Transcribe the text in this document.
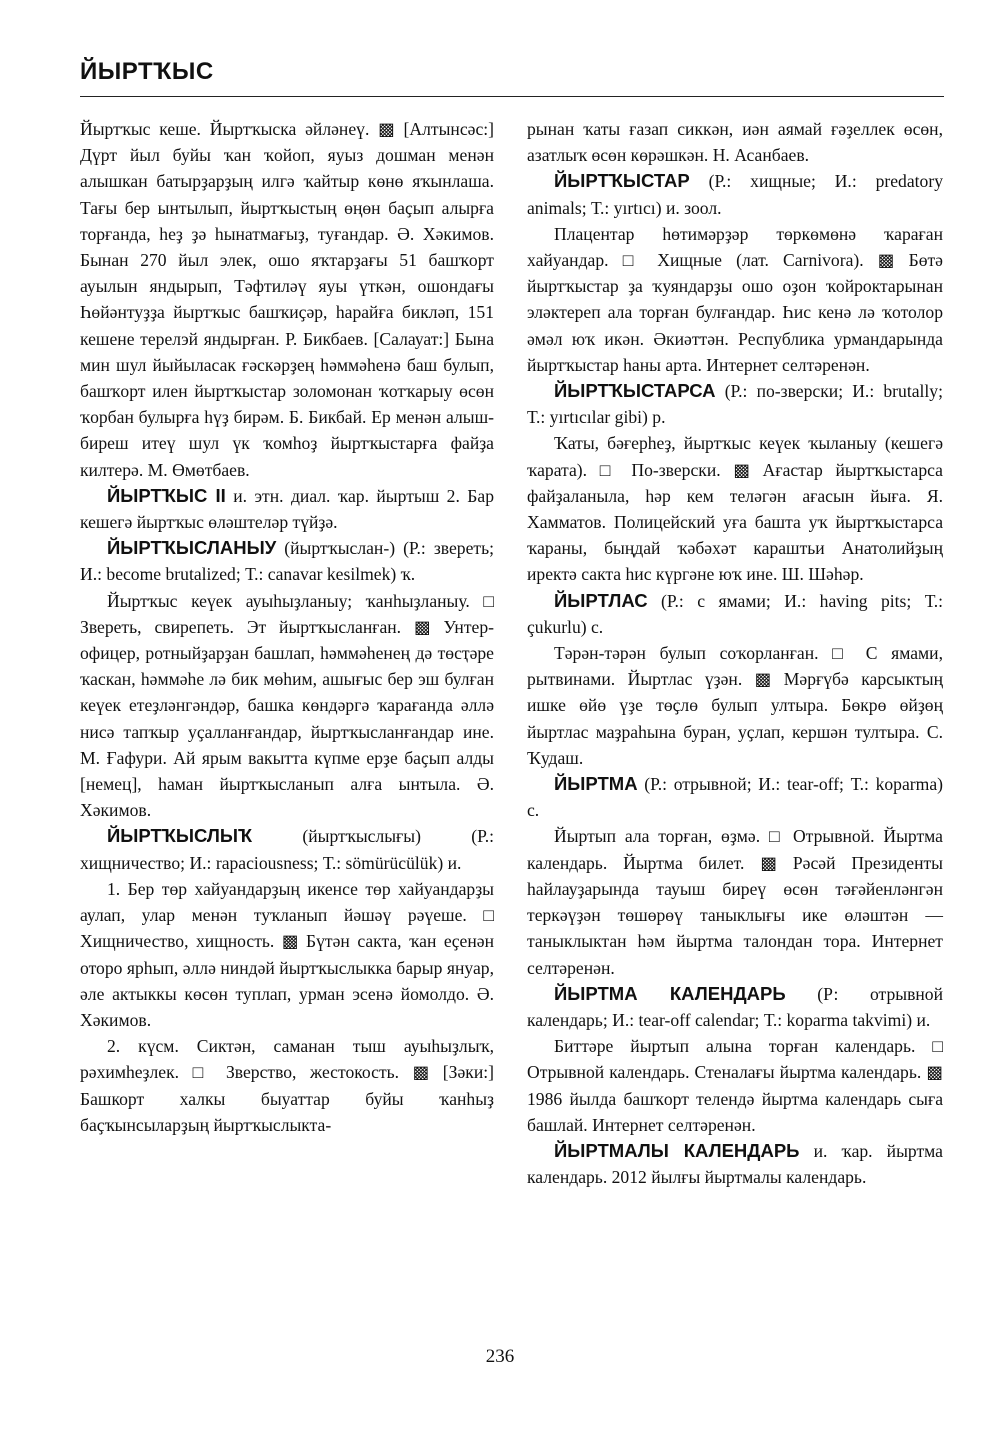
ЙЫРТҠЫС

Йыртҡыс кеше. Йыртҡыска әйләнеү. ▩ [Алтынсәс:] Дүрт йыл буйы ҡан ҡойоп, яуыз дошман менән алышкан батырҙарҙың илгә ҡайтыр көнө яҡынлаша. Тағы бер ынтылып, йыртҡыстың өңөн баҫып алырға торғанда, һеҙ ҙә һынатмағыҙ, туғандар. Ә. Хәкимов. Бынан 270 йыл элек, ошо яҡтарҙағы 51 башҡорт ауылын яндырып, Тәфтиләү яуы үткән, ошондағы Һөйәнтуҙҙа йыртҡыс башҡиҫәр, һарайға бикләп, 151 кешене терелэй яндырған. Р. Бикбаев. [Салауат:] Бына мин шул йыйыласак ғәскәрҙең һәммәһенә баш булып, башҡорт илен йыртҡыстар золомонан ҡотҡарыу өсөн ҡорбан булырға һүҙ бирәм. Б. Бикбай. Ер менән алыш-биреш итеү шул үк ҡомһоҙ йыртҡыстарға файҙа килтерә. М. Өмөтбаев.

ЙЫРТҠЫС II и. этн. диал. ҡар. йыртыш 2. Бар кешегә йыртҡыс өләштеләр түйҙә.

ЙЫРТҠЫСЛАНЫУ (йыртҡыслан-) (Р.: звереть; И.: become brutalized; Т.: canavar kesilmek) ҡ.

Йыртҡыс кеүек ауыһыҙланыу; ҡанһыҙланыу. □ Звереть, свирепеть. Эт йыртҡысланған. ▩ Унтер-офицер, ротныйҙарҙан башлап, һәммәһенең дә төсҭәре ҡаскан, һәммәһе лә бик мөһим, ашығыс бер эш булған кеүек етеҙләнгәндәр, башка көндәргә ҡарағанда әллә нисә тапҡыр уҫалланғандар, йыртҡысланғандар ине. М. Ғафури. Ай ярым вакытта күпме ерҙе баҫып алды [немец], һаман йыртҡысланып алға ынтыла. Ә. Хәкимов.

ЙЫРТҠЫСЛЫҠ	(йыртҡыслығы) (Р.: хищничество; И.: rapaciousness; Т.: sömürücülük) и.

1. Бер төр хайуандарҙың икенсе төр хайуандарҙы аулап, улар менән туҡланып йәшәү рәүеше. □ Хищничество, хищность. ▩ Бүтән сакта, ҡан еҫенән оторо ярһып, әллә ниндәй йыртҡыслыкка барыр януар, әле актыккы көсөн туплап, урман эсенә йомолдо. Ә. Хәкимов.

2. күсм. Сиктән, саманан тыш ауыһыҙлыҡ, рәхимһеҙлек. □ Зверство, жестокость. ▩ [Зәки:] Башкорт халкы быуаттар буйы ҡанһыҙ баҫҡынсыларҙың йыртҡыслыкта-

рынан ҡаты ғазап сиккән, иән аямай ғәҙеллек өсөн, азатлыҡ өсөн көрәшкән. Н. Асанбаев.

ЙЫРТҠЫСТАР (Р.: хищные; И.: predatory animals; Т.: yırtıcı) и. зоол.

Плацентар һөтимәрҙәр төркөмөнә ҡараған хайуандар. □ Хищные (лат. Carnivora). ▩ Бөтә йыртҡыстар ҙа ҡуяндарҙы ошо оҙон ҡойроктарынан эләктереп ала торған булғандар. Һис кенә лә ҡотолор әмәл юҡ икән. Әкиәттән. Республика урмандарында йыртҡыстар һаны арта. Интернет селтәренән.

ЙЫРТҠЫСТАРСА (Р.: по-зверски; И.: brutally; Т.: yırtıcılar gibi) р.

Ҡаты, бәғерһеҙ, йыртҡыс кеүек ҡыланыу (кешегә ҡарата). □ По-зверски. ▩ Ағастар йыртҡыстарса файҙаланыла, һәр кем теләгән ағасын йыға. Я. Хамматов. Полицейский уға башта уҡ йыртҡыстарса ҡараны, быңдай ҡәбәхәт караштьи Анатолийҙың иректә сакта һис күргәне юҡ ине. Ш. Шәһәр.

ЙЫРТЛАС (Р.: с ямами; И.: having pits; Т.: çukurlu) с.

Тәрән-тәрән булып соҡорланған. □ С ямами, рытвинами. Йыртлас үҙән. ▩ Мәрғүбә карсыктың ишке өйө үҙе төҫлө булып ултыра. Бөкрө өйҙөң йыртлас маҙраһына буран, уҫлап, кершән тултыра. С. Ҡудаш.

ЙЫРТМА (Р.: отрывной; И.: tear-off; Т.: koparma) с.

Йыртып ала торған, өҙмә. □ Отрывной. Йыртма календарь. Йыртма билет. ▩ Рәсәй Президенты һайлауҙарында тауыш биреү өсөн тәғәйенләнгән теркәүҙән төшөрөү таныклығы ике өләштән — таныклыктан һәм йыртма талондан тора. Интернет селтәренән.

ЙЫРТМА КАЛЕНДАРЬ (Р: отрывной календарь; И.: tear-off calendar; Т.: koparma takvimi) и.

Биттәре йыртып алына торған календарь. □ Отрывной календарь. Стеналағы йыртма календарь. ▩ 1986 йылда башҡорт телендә йыртма календарь сыға башлай. Интернет селтәренән.

ЙЫРТМАЛЫ КАЛЕНДАРЬ и. ҡар. йыртма календарь. 2012 йылғы йыртмалы календарь.

236
